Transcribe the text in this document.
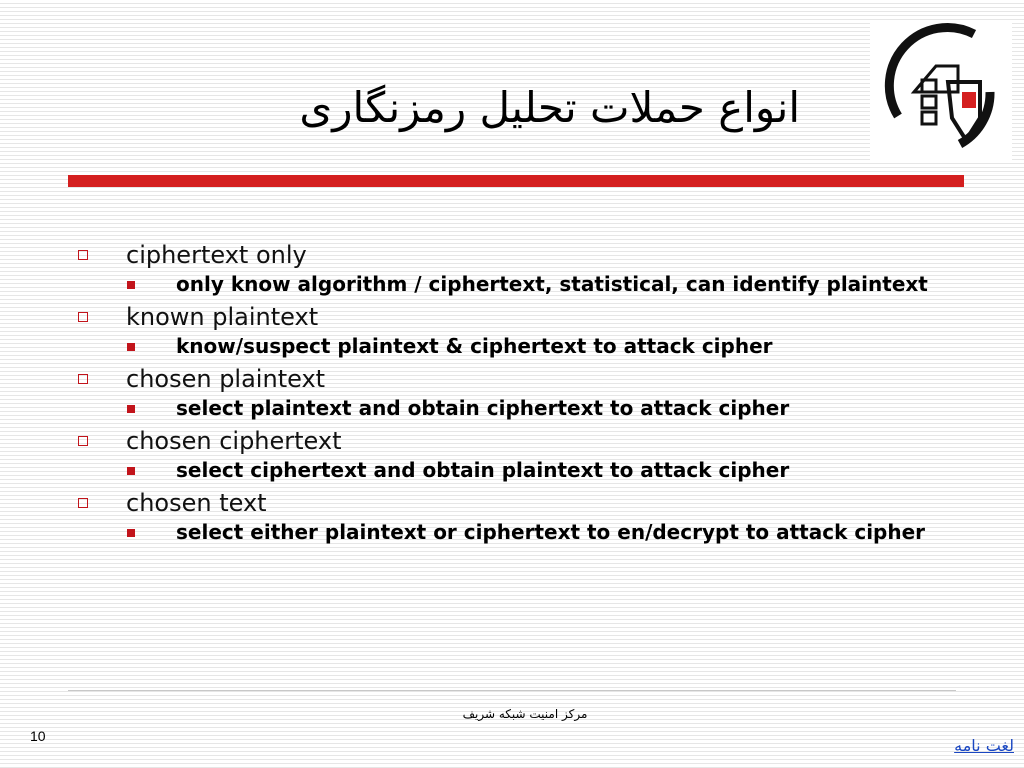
انواع حملات تحلیل رمزنگاری
ciphertext only
only know algorithm / ciphertext, statistical, can identify plaintext
known plaintext
know/suspect plaintext & ciphertext to attack cipher
chosen plaintext
select plaintext and obtain ciphertext to attack cipher
chosen ciphertext
select ciphertext and obtain plaintext to attack cipher
chosen text
select either plaintext or ciphertext to en/decrypt to attack cipher
مرکز امنیت شبکه شریف
10	لغت نامه
